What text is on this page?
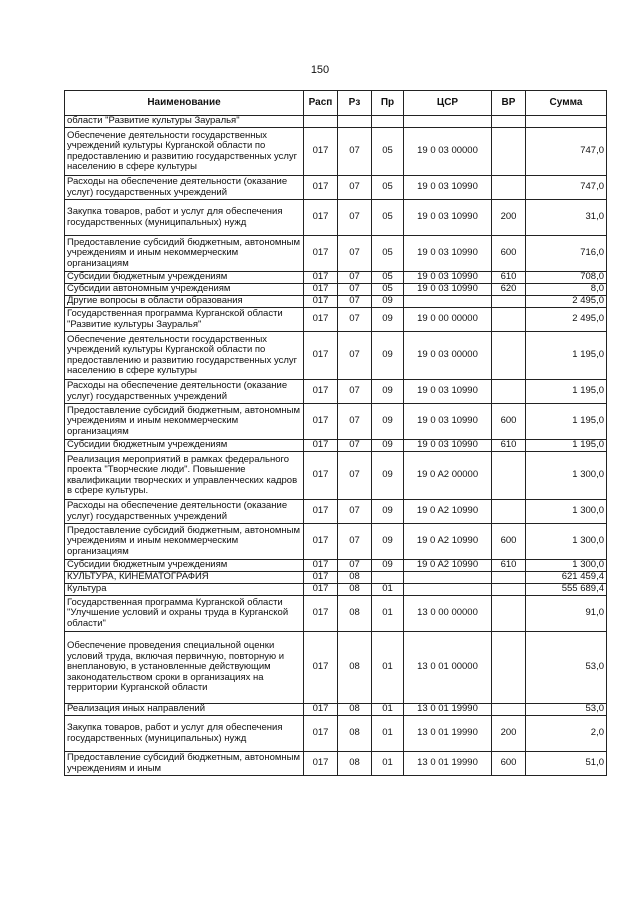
150
Наименование	Расп	Рз	Пр	ЦСР	ВР	Сумма
области "Развитие культуры Зауралья"						
Обеспечение деятельности государственных учреждений культуры Курганской области по предоставлению и развитию государственных услуг населению в сфере культуры	017	07	05	19 0 03 00000		747,0
Расходы на обеспечение деятельности (оказание услуг) государственных учреждений	017	07	05	19 0 03 10990		747,0
Закупка товаров, работ и услуг для обеспечения государственных (муниципальных) нужд	017	07	05	19 0 03 10990	200	31,0
Предоставление субсидий бюджетным, автономным учреждениям и иным некоммерческим организациям	017	07	05	19 0 03 10990	600	716,0
Субсидии бюджетным учреждениям	017	07	05	19 0 03 10990	610	708,0
Субсидии автономным учреждениям	017	07	05	19 0 03 10990	620	8,0
Другие вопросы в области образования	017	07	09			2 495,0
Государственная программа Курганской области "Развитие культуры Зауралья"	017	07	09	19 0 00 00000		2 495,0
Обеспечение деятельности государственных учреждений культуры Курганской области по предоставлению и развитию государственных услуг населению в сфере культуры	017	07	09	19 0 03 00000		1 195,0
Расходы на обеспечение деятельности (оказание услуг) государственных учреждений	017	07	09	19 0 03 10990		1 195,0
Предоставление субсидий бюджетным, автономным учреждениям и иным некоммерческим организациям	017	07	09	19 0 03 10990	600	1 195,0
Субсидии бюджетным учреждениям	017	07	09	19 0 03 10990	610	1 195,0
Реализация мероприятий в рамках федерального проекта "Творческие люди". Повышение квалификации творческих и управленческих кадров в сфере культуры.	017	07	09	19 0 A2 00000		1 300,0
Расходы на обеспечение деятельности (оказание услуг) государственных учреждений	017	07	09	19 0 A2 10990		1 300,0
Предоставление субсидий бюджетным, автономным учреждениям и иным некоммерческим организациям	017	07	09	19 0 A2 10990	600	1 300,0
Субсидии бюджетным учреждениям	017	07	09	19 0 A2 10990	610	1 300,0
КУЛЬТУРА, КИНЕМАТОГРАФИЯ	017	08				621 459,4
Культура	017	08	01			555 689,4
Государственная программа Курганской области "Улучшение условий и охраны труда в Курганской области"	017	08	01	13 0 00 00000		91,0
Обеспечение проведения специальной оценки условий труда, включая первичную, повторную и внеплановую, в установленные действующим законодательством сроки в организациях на территории Курганской области	017	08	01	13 0 01 00000		53,0
Реализация иных направлений	017	08	01	13 0 01 19990		53,0
Закупка товаров, работ и услуг для обеспечения государственных (муниципальных) нужд	017	08	01	13 0 01 19990	200	2,0
Предоставление субсидий бюджетным, автономным учреждениям и иным	017	08	01	13 0 01 19990	600	51,0
